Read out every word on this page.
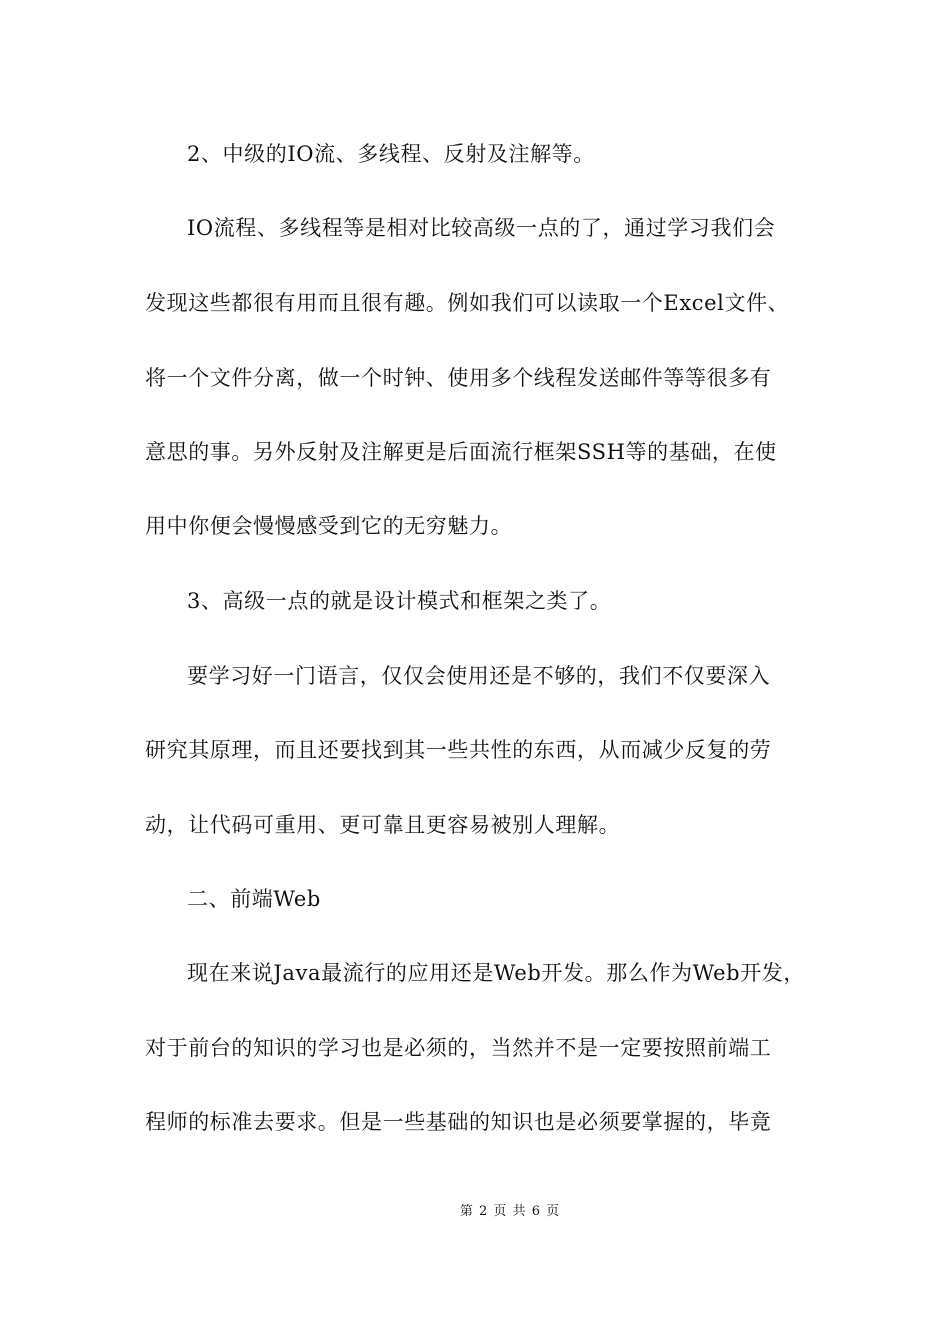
2、中级的IO流、多线程、反射及注解等。
IO流程、多线程等是相对比较高级一点的了，通过学习我们会
发现这些都很有用而且很有趣。例如我们可以读取一个Excel文件、
将一个文件分离，做一个时钟、使用多个线程发送邮件等等很多有
意思的事。另外反射及注解更是后面流行框架SSH等的基础，在使
用中你便会慢慢感受到它的无穷魅力。
3、高级一点的就是设计模式和框架之类了。
要学习好一门语言，仅仅会使用还是不够的，我们不仅要深入
研究其原理，而且还要找到其一些共性的东西，从而减少反复的劳
动，让代码可重用、更可靠且更容易被别人理解。
二、前端Web
现在来说Java最流行的应用还是Web开发。那么作为Web开发，
对于前台的知识的学习也是必须的，当然并不是一定要按照前端工
程师的标准去要求。但是一些基础的知识也是必须要掌握的，毕竟
第 2 页 共 6 页
